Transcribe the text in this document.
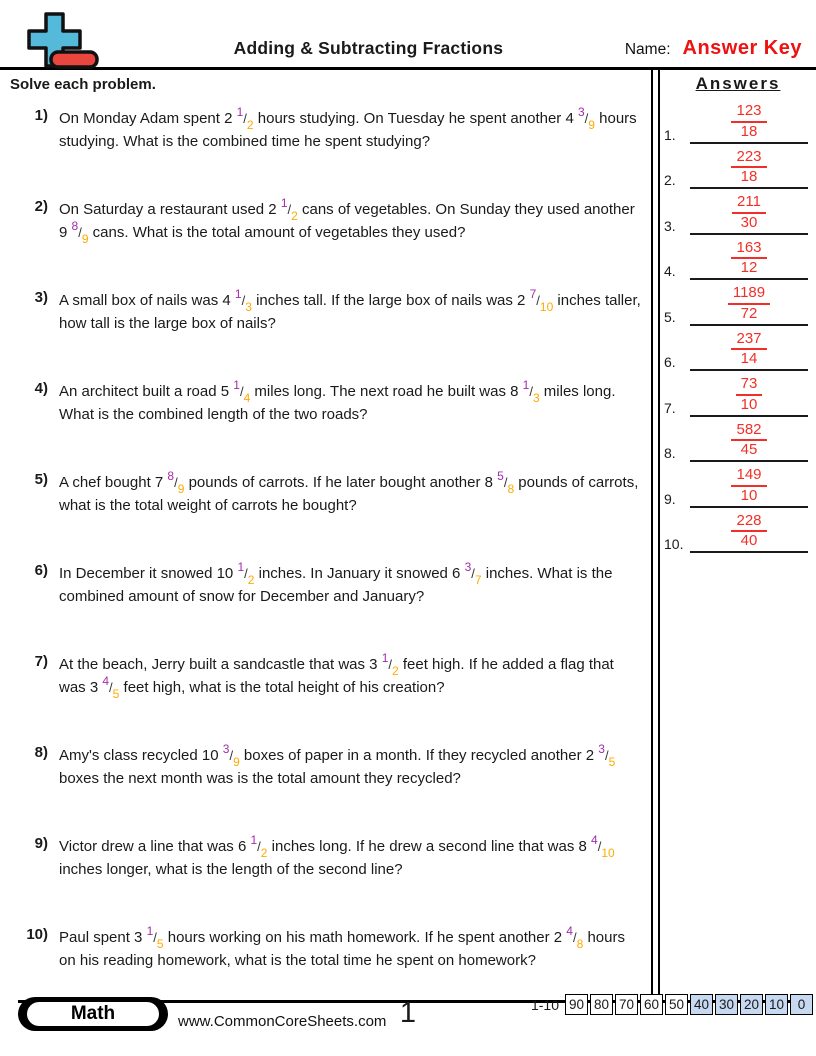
Adding & Subtracting Fractions	Name: Answer Key
Solve each problem.
1) On Monday Adam spent 2 $^1/_2$ hours studying. On Tuesday he spent another 4 $^3/_9$ hours studying. What is the combined time he spent studying?
2) On Saturday a restaurant used 2 $^1/_2$ cans of vegetables. On Sunday they used another 9 $^8/_9$ cans. What is the total amount of vegetables they used?
3) A small box of nails was 4 $^1/_3$ inches tall. If the large box of nails was 2 $^7/_{10}$ inches taller, how tall is the large box of nails?
4) An architect built a road 5 $^1/_4$ miles long. The next road he built was 8 $^1/_3$ miles long. What is the combined length of the two roads?
5) A chef bought 7 $^8/_9$ pounds of carrots. If he later bought another 8 $^5/_8$ pounds of carrots, what is the total weight of carrots he bought?
6) In December it snowed 10 $^1/_2$ inches. In January it snowed 6 $^3/_7$ inches. What is the combined amount of snow for December and January?
7) At the beach, Jerry built a sandcastle that was 3 $^1/_2$ feet high. If he added a flag that was 3 $^4/_5$ feet high, what is the total height of his creation?
8) Amy's class recycled 10 $^3/_9$ boxes of paper in a month. If they recycled another 2 $^3/_5$ boxes the next month was is the total amount they recycled?
9) Victor drew a line that was 6 $^1/_2$ inches long. If he drew a second line that was 8 $^4/_{10}$ inches longer, what is the length of the second line?
10) Paul spent 3 $^1/_5$ hours working on his math homework. If he spent another 2 $^4/_8$ hours on his reading homework, what is the total time he spent on homework?
Answers
1.	$\frac{123}{18}$
2.	$\frac{223}{18}$
3.	$\frac{211}{30}$
4.	$\frac{163}{12}$
5.	$\frac{1189}{72}$
6.	$\frac{237}{14}$
7.	$\frac{73}{10}$
8.	$\frac{582}{45}$
9.	$\frac{149}{10}$
10.	$\frac{228}{40}$
Math	www.CommonCoreSheets.com 1	1-10 90 80 70 60 50 40 30 20 10	0
